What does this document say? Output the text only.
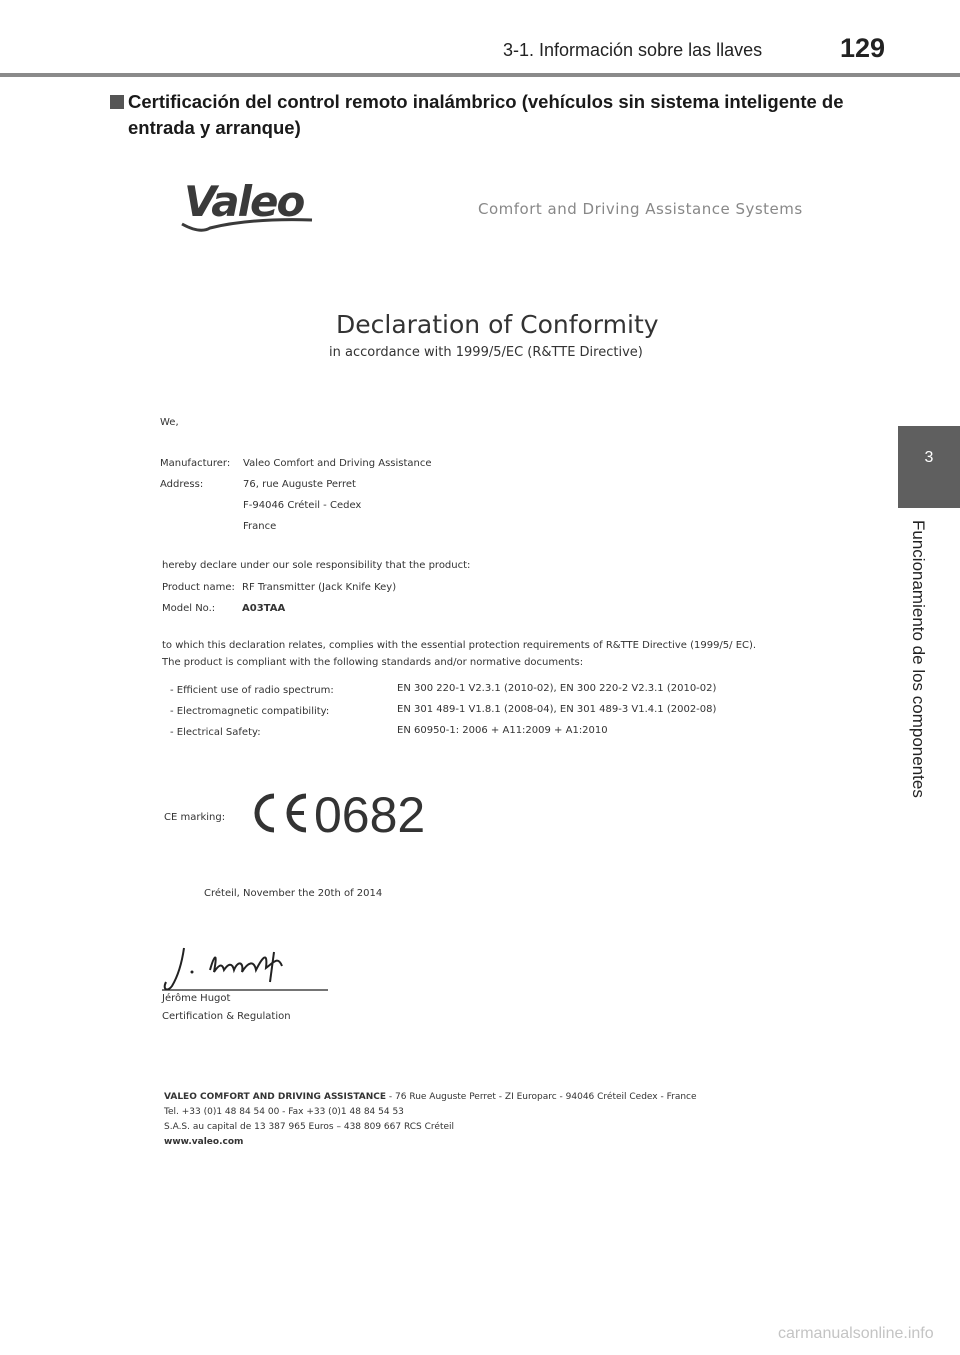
3-1. Información sobre las llaves	129
3
Funcionamiento de los componentes
Certificación del control remoto inalámbrico (vehículos sin sistema inteligente de entrada y arranque)
Valeo	Comfort and Driving Assistance Systems
Declaration of Conformity
in accordance with 1999/5/EC (R&TTE Directive)
We,
Manufacturer: Valeo Comfort and Driving Assistance
Address:	76, rue Auguste Perret
F-94046 Créteil - Cedex
France
hereby declare under our sole responsibility that the product:
Product name: RF Transmitter (Jack Knife Key)
Model No.:	A03TAA
to which this declaration relates, complies with the essential protection requirements of R&TTE Directive (1999/5/ EC).
The product is compliant with the following standards and/or normative documents:
- Efficient use of radio spectrum:	EN 300 220-1 V2.3.1 (2010-02), EN 300 220-2 V2.3.1 (2010-02)
- Electromagnetic compatibility:	EN 301 489-1 V1.8.1 (2008-04), EN 301 489-3 V1.4.1 (2002-08)
- Electrical Safety:	EN 60950-1: 2006 + A11:2009 + A1:2010
CE marking: 0682
Créteil, November the 20th of 2014
Jérôme Hugot
Certification & Regulation
VALEO COMFORT AND DRIVING ASSISTANCE - 76 Rue Auguste Perret - ZI Europarc - 94046 Créteil Cedex - France
Tel. +33 (0)1 48 84 54 00 - Fax +33 (0)1 48 84 54 53
S.A.S. au capital de 13 387 965 Euros – 438 809 667 RCS Créteil
www.valeo.com
carmanualsonline.info
